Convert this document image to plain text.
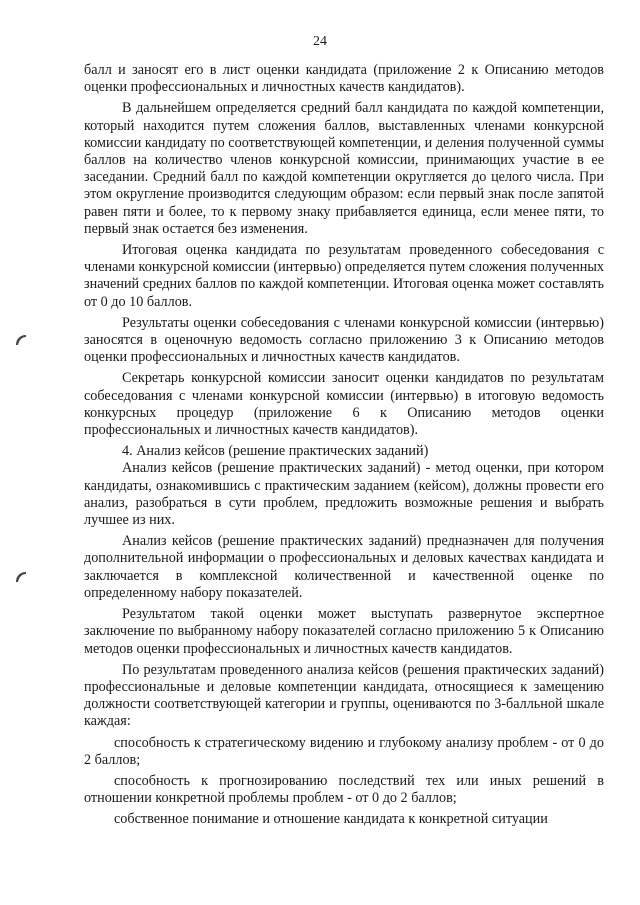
24

балл и заносят его в лист оценки кандидата (приложение 2 к Описанию методов оценки профессиональных и личностных качеств кандидатов).

В дальнейшем определяется средний балл кандидата по каждой компетенции, который находится путем сложения баллов, выставленных членами конкурсной комиссии кандидату по соответствующей компетенции, и деления полученной суммы баллов на количество членов конкурсной комиссии, принимающих участие в ее заседании. Средний балл по каждой компетенции округляется до целого числа. При этом округление производится следующим образом: если первый знак после запятой равен пяти и более, то к первому знаку прибавляется единица, если менее пяти, то первый знак остается без изменения.

Итоговая оценка кандидата по результатам проведенного собеседования с членами конкурсной комиссии (интервью) определяется путем сложения полученных значений средних баллов по каждой компетенции. Итоговая оценка может составлять от 0 до 10 баллов.

Результаты оценки собеседования с членами конкурсной комиссии (интервью) заносятся в оценочную ведомость согласно приложению 3 к Описанию методов оценки профессиональных и личностных качеств кандидатов.

Секретарь конкурсной комиссии заносит оценки кандидатов по результатам собеседования с членами конкурсной комиссии (интервью) в итоговую ведомость конкурсных процедур (приложение 6 к Описанию методов оценки профессиональных и личностных качеств кандидатов).

4. Анализ кейсов (решение практических заданий)

Анализ кейсов (решение практических заданий) - метод оценки, при котором кандидаты, ознакомившись с практическим заданием (кейсом), должны провести его анализ, разобраться в сути проблем, предложить возможные решения и выбрать лучшее из них.

Анализ кейсов (решение практических заданий) предназначен для получения дополнительной информации о профессиональных и деловых качествах кандидата и заключается в комплексной количественной и качественной оценке по определенному набору показателей.

Результатом такой оценки может выступать развернутое экспертное заключение по выбранному набору показателей согласно приложению 5 к Описанию методов оценки профессиональных и личностных качеств кандидатов.

По результатам проведенного анализа кейсов (решения практических заданий) профессиональные и деловые компетенции кандидата, относящиеся к замещению должности соответствующей категории и группы, оцениваются по 3-балльной шкале каждая:

способность к стратегическому видению и глубокому анализу проблем - от 0 до 2 баллов;

способность к прогнозированию последствий тех или иных решений в отношении конкретной проблемы проблем - от 0 до 2 баллов;

собственное понимание и отношение кандидата к конкретной ситуации
